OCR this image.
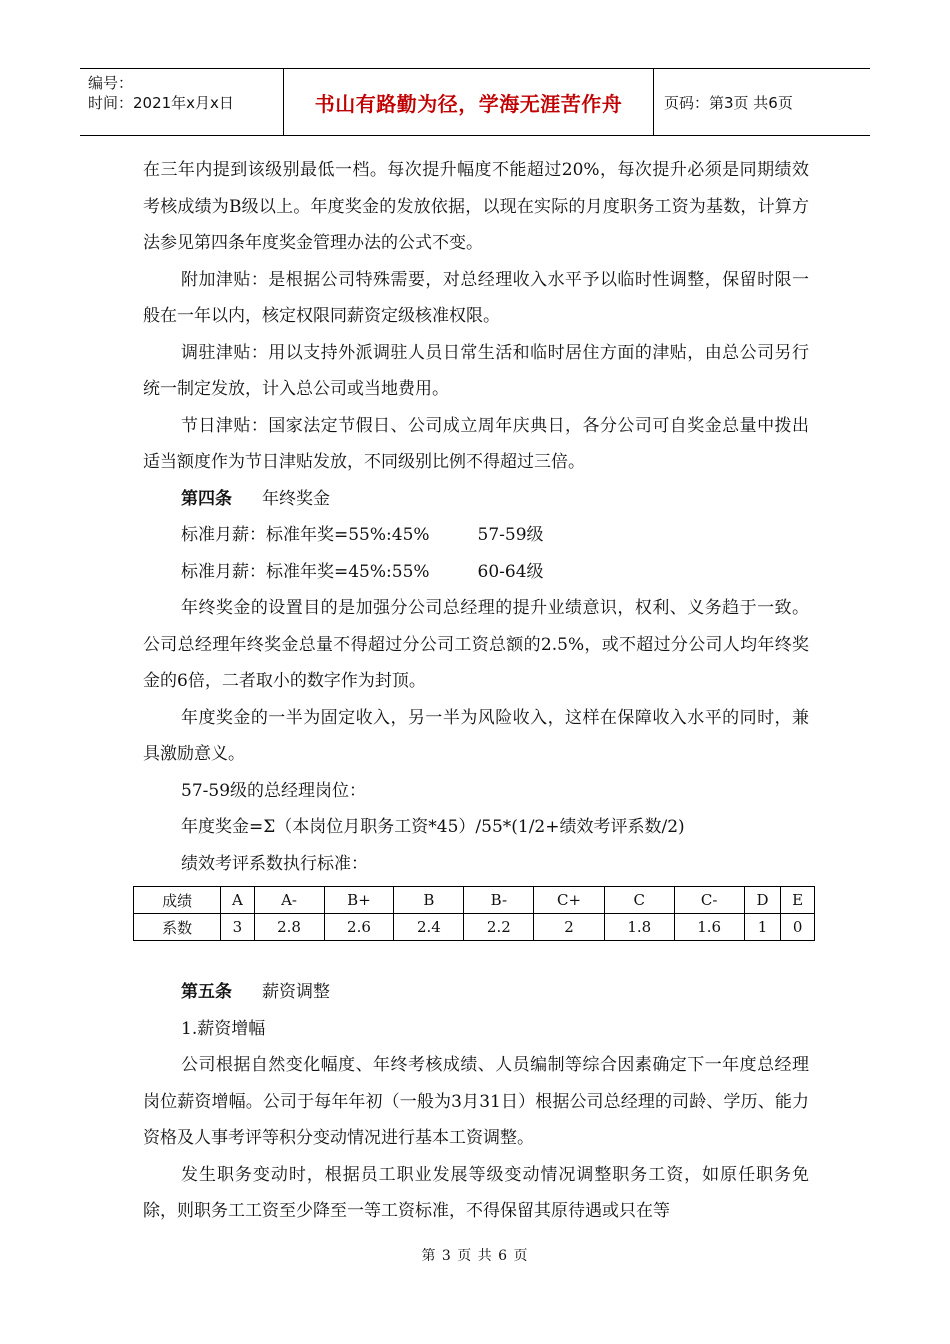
编号：
时间：2021年x月x日	书山有路勤为径，学海无涯苦作舟	页码：第3页 共6页

在三年内提到该级别最低一档。每次提升幅度不能超过20%，每次提升必须是同期绩效考核成绩为B级以上。年度奖金的发放依据，以现在实际的月度职务工资为基数，计算方法参见第四条年度奖金管理办法的公式不变。

附加津贴：是根据公司特殊需要，对总经理收入水平予以临时性调整，保留时限一般在一年以内，核定权限同薪资定级核准权限。

调驻津贴：用以支持外派调驻人员日常生活和临时居住方面的津贴，由总公司另行统一制定发放，计入总公司或当地费用。

节日津贴：国家法定节假日、公司成立周年庆典日，各分公司可自奖金总量中拨出适当额度作为节日津贴发放，不同级别比例不得超过三倍。

第四条 年终奖金

标准月薪：标准年奖=55%:45%	57-59级

标准月薪：标准年奖=45%:55%	60-64级

年终奖金的设置目的是加强分公司总经理的提升业绩意识，权利、义务趋于一致。公司总经理年终奖金总量不得超过分公司工资总额的2.5%，或不超过分公司人均年终奖金的6倍，二者取小的数字作为封顶。

年度奖金的一半为固定收入，另一半为风险收入，这样在保障收入水平的同时，兼具激励意义。

57-59级的总经理岗位：

年度奖金=Σ（本岗位月职务工资*45）/55*(1/2+绩效考评系数/2)

绩效考评系数执行标准：

成绩	A	A-	B+	B	B-	C+	C	C-	D	E
系数	3	2.8	2.6	2.4	2.2	2	1.8	1.6	1	0

第五条 薪资调整

1.薪资增幅

公司根据自然变化幅度、年终考核成绩、人员编制等综合因素确定下一年度总经理岗位薪资增幅。公司于每年年初（一般为3月31日）根据公司总经理的司龄、学历、能力资格及人事考评等积分变动情况进行基本工资调整。

发生职务变动时，根据员工职业发展等级变动情况调整职务工资，如原任职务免除，则职务工工资至少降至一等工资标准，不得保留其原待遇或只在等

第 3 页 共 6 页
